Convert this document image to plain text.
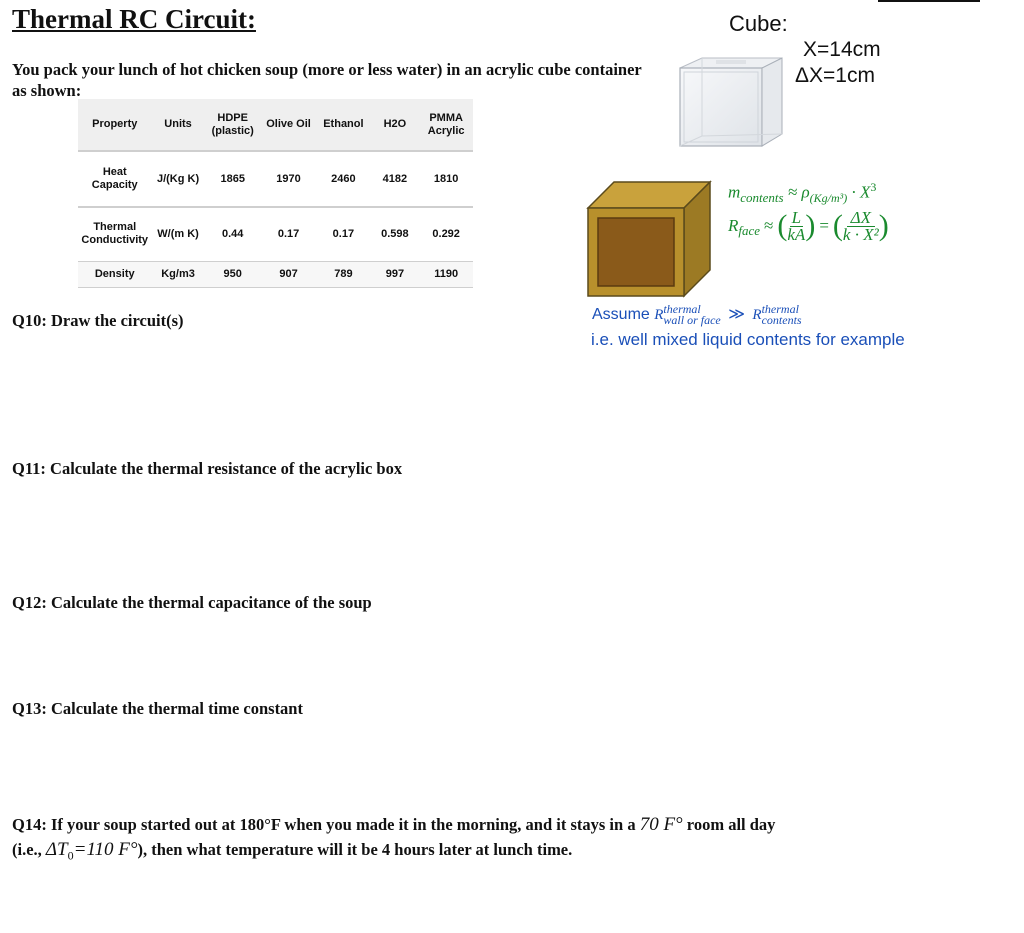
Thermal RC Circuit:
You pack your lunch of hot chicken soup (more or less water) in an acrylic cube container as shown:
Property	Units	HDPE (plastic)	Olive Oil	Ethanol	H2O	PMMA Acrylic
Heat Capacity	J/(Kg K)	1865	1970	2460	4182	1810
Thermal Conductivity	W/(m K)	0.44	0.17	0.17	0.598	0.292
Density	Kg/m3	950	907	789	997	1190
Cube:
X=14cm
ΔX=1cm
$m_{contents} \approx \rho_{(Kg/m^3)} \cdot X^3$
$R_{face}$ ≈ ( $\frac{L}{kA}$ ) = ( $\frac{\Delta X}{\text{k · X²}}$ )
Assume R thermal
wall or face ≫ R thermal
contents
i.e. well mixed liquid contents for example
Q10: Draw the circuit(s)
Q11: Calculate the thermal resistance of the acrylic box
Q12: Calculate the thermal capacitance of the soup
Q13: Calculate the thermal time constant
Q14: If your soup started out at 180°F when you made it in the morning, and it stays in a 70 F° room all day
(i.e., $\Delta T_0=110$ F°), then what temperature will it be 4 hours later at lunch time.
